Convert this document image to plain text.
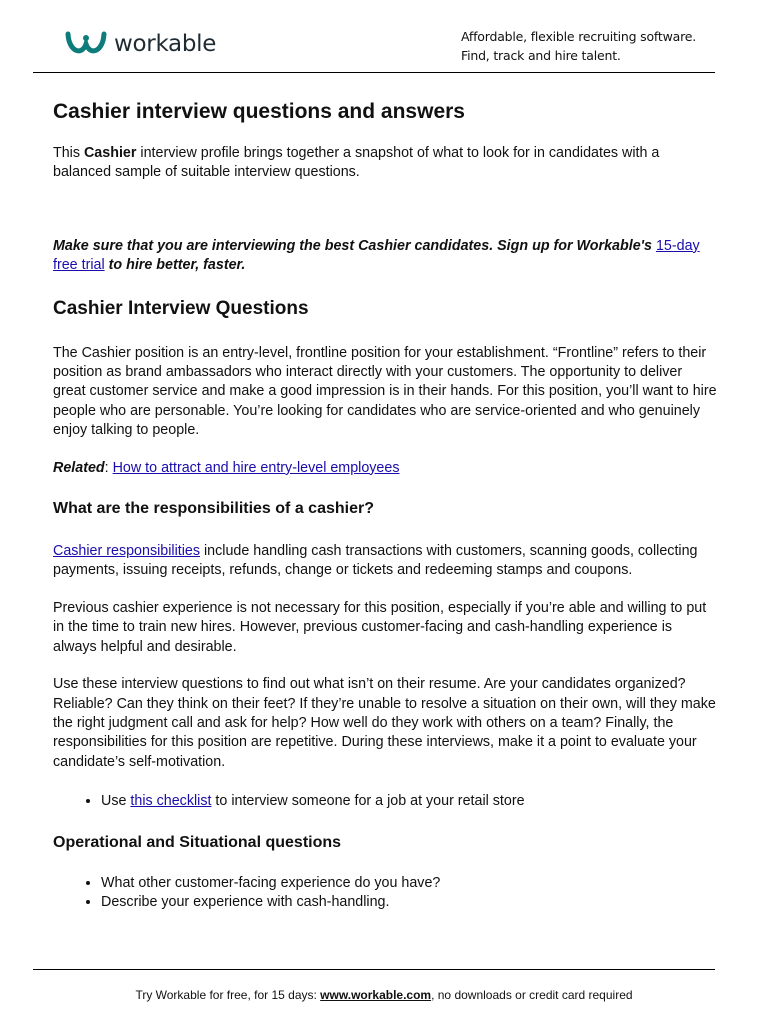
workable	Affordable, flexible recruiting software.
Find, track and hire talent.
Cashier interview questions and answers

This Cashier interview profile brings together a snapshot of what to look for in candidates with a balanced sample of suitable interview questions.

Make sure that you are interviewing the best Cashier candidates. Sign up for Workable's 15-day free trial to hire better, faster.

Cashier Interview Questions

The Cashier position is an entry-level, frontline position for your establishment. “Frontline” refers to their position as brand ambassadors who interact directly with your customers. The opportunity to deliver great customer service and make a good impression is in their hands. For this position, you’ll want to hire people who are personable. You’re looking for candidates who are service-oriented and who genuinely enjoy talking to people.

Related: How to attract and hire entry-level employees

What are the responsibilities of a cashier?

Cashier responsibilities include handling cash transactions with customers, scanning goods, collecting payments, issuing receipts, refunds, change or tickets and redeeming stamps and coupons.

Previous cashier experience is not necessary for this position, especially if you’re able and willing to put in the time to train new hires. However, previous customer-facing and cash-handling experience is always helpful and desirable.

Use these interview questions to find out what isn’t on their resume. Are your candidates organized? Reliable? Can they think on their feet? If they’re unable to resolve a situation on their own, will they make the right judgment call and ask for help? How well do they work with others on a team? Finally, the responsibilities for this position are repetitive. During these interviews, make it a point to evaluate your candidate’s self-motivation.

• Use this checklist to interview someone for a job at your retail store
Operational and Situational questions
• What other customer-facing experience do you have?
• Describe your experience with cash-handling.
Try Workable for free, for 15 days: www.workable.com, no downloads or credit card required
